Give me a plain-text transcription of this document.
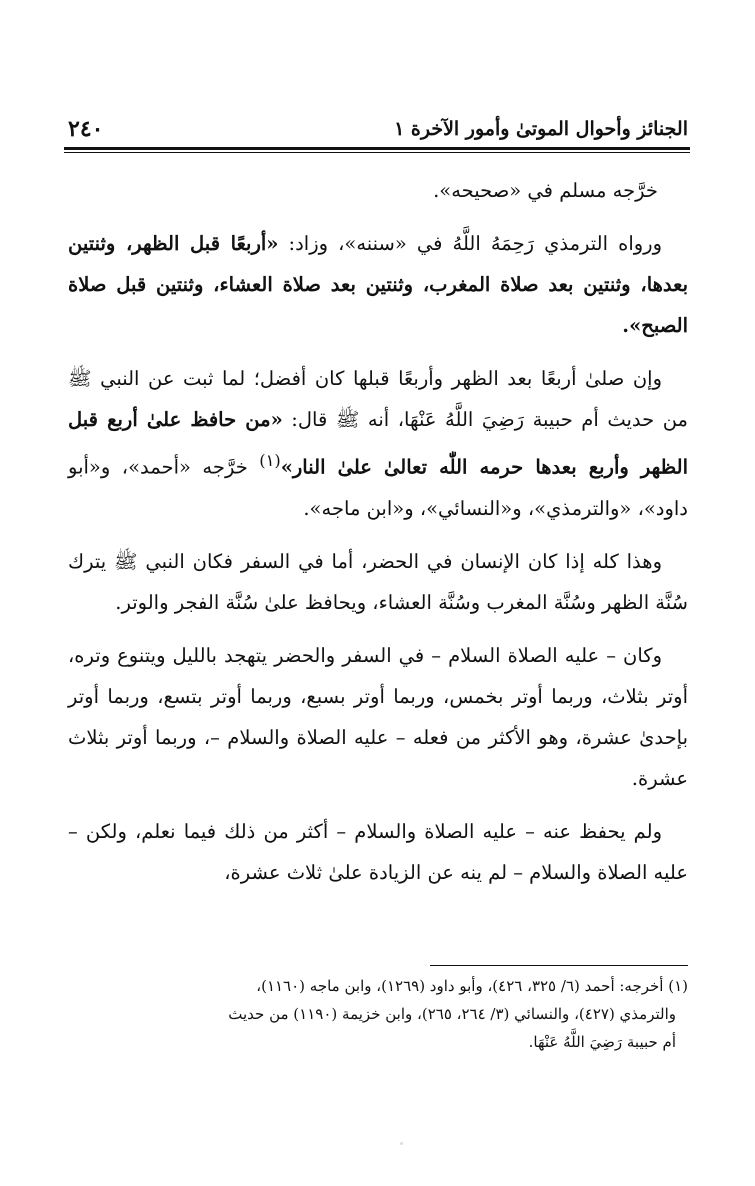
الجنائز وأحوال الموتىٰ وأمور الآخرة ١
٢٤٠

خرَّجه مسلم في «صحيحه».

ورواه الترمذي رَحِمَهُ اللَّهُ في «سننه»، وزاد: «أربعًا قبل الظهر، وثنتين بعدها، وثنتين بعد صلاة المغرب، وثنتين بعد صلاة العشاء، وثنتين قبل صلاة الصبح».

وإن صلىٰ أربعًا بعد الظهر وأربعًا قبلها كان أفضل؛ لما ثبت عن النبي ﷺ من حديث أم حبيبة رَضِيَ اللَّهُ عَنْهَا، أنه ﷺ قال: «من حافظ علىٰ أربع قبل الظهر وأربع بعدها حرمه اللّٰه تعالىٰ علىٰ النار»$^{(١)}$ خرَّجه «أحمد»، و«أبو داود»، «والترمذي»، و«النسائي»، و«ابن ماجه».

وهذا كله إذا كان الإنسان في الحضر، أما في السفر فكان النبي ﷺ يترك سُنَّة الظهر وسُنَّة المغرب وسُنَّة العشاء، ويحافظ علىٰ سُنَّة الفجر والوتر.

وكان – عليه الصلاة السلام – في السفر والحضر يتهجد بالليل ويتنوع وتره، أوتر بثلاث، وربما أوتر بخمس، وربما أوتر بسبع، وربما أوتر بتسع، وربما أوتر بإحدىٰ عشرة، وهو الأكثر من فعله – عليه الصلاة والسلام –، وربما أوتر بثلاث عشرة.

ولم يحفظ عنه – عليه الصلاة والسلام – أكثر من ذلك فيما نعلم، ولكن – عليه الصلاة والسلام – لم ينه عن الزيادة علىٰ ثلاث عشرة،

(١) أخرجه: أحمد (٦/ ٣٢٥، ٤٢٦)، وأبو داود (١٢٦٩)، وابن ماجه (١١٦٠)،

والترمذي (٤٢٧)، والنسائي (٣/ ٢٦٤، ٢٦٥)، وابن خزيمة (١١٩٠) من حديث

أم حبيبة رَضِيَ اللَّهُ عَنْهَا.
